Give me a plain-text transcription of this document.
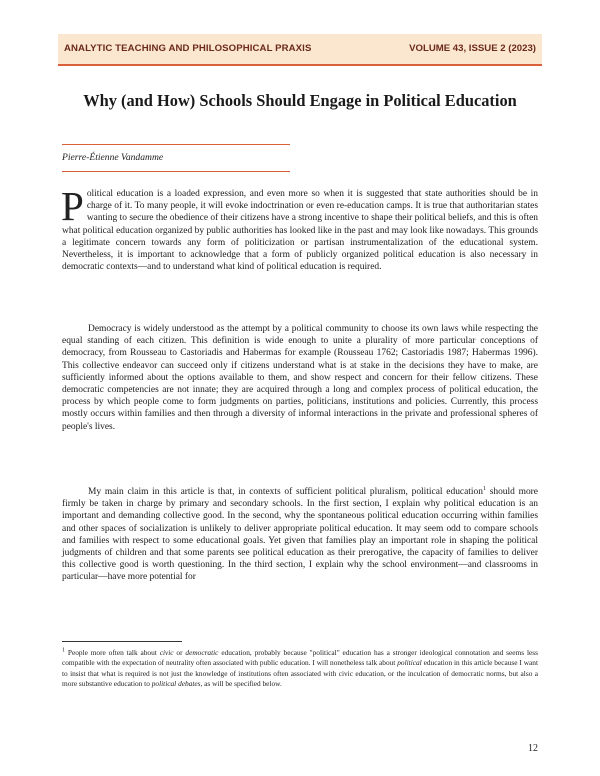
ANALYTIC TEACHING AND PHILOSOPHICAL PRAXIS	VOLUME 43, ISSUE 2 (2023)
Why (and How) Schools Should Engage in Political Education
Pierre-Étienne Vandamme
Political education is a loaded expression, and even more so when it is suggested that state authorities should be in charge of it. To many people, it will evoke indoctrination or even re-education camps. It is true that authoritarian states wanting to secure the obedience of their citizens have a strong incentive to shape their political beliefs, and this is often what political education organized by public authorities has looked like in the past and may look like nowadays. This grounds a legitimate concern towards any form of politicization or partisan instrumentalization of the educational system. Nevertheless, it is important to acknowledge that a form of publicly organized political education is also necessary in democratic contexts—and to understand what kind of political education is required.
Democracy is widely understood as the attempt by a political community to choose its own laws while respecting the equal standing of each citizen. This definition is wide enough to unite a plurality of more particular conceptions of democracy, from Rousseau to Castoriadis and Habermas for example (Rousseau 1762; Castoriadis 1987; Habermas 1996). This collective endeavor can succeed only if citizens understand what is at stake in the decisions they have to make, are sufficiently informed about the options available to them, and show respect and concern for their fellow citizens. These democratic competencies are not innate; they are acquired through a long and complex process of political education, the process by which people come to form judgments on parties, politicians, institutions and policies. Currently, this process mostly occurs within families and then through a diversity of informal interactions in the private and professional spheres of people's lives.
My main claim in this article is that, in contexts of sufficient political pluralism, political education$^1$ should more firmly be taken in charge by primary and secondary schools. In the first section, I explain why political education is an important and demanding collective good. In the second, why the spontaneous political education occurring within families and other spaces of socialization is unlikely to deliver appropriate political education. It may seem odd to compare schools and families with respect to some educational goals. Yet given that families play an important role in shaping the political judgments of children and that some parents see political education as their prerogative, the capacity of families to deliver this collective good is worth questioning. In the third section, I explain why the school environment—and classrooms in particular—have more potential for
$^1$ People more often talk about civic or democratic education, probably because "political" education has a stronger ideological connotation and seems less compatible with the expectation of neutrality often associated with public education. I will nonetheless talk about political education in this article because I want to insist that what is required is not just the knowledge of institutions often associated with civic education, or the inculcation of democratic norms, but also a more substantive education to political debates, as will be specified below.
12
